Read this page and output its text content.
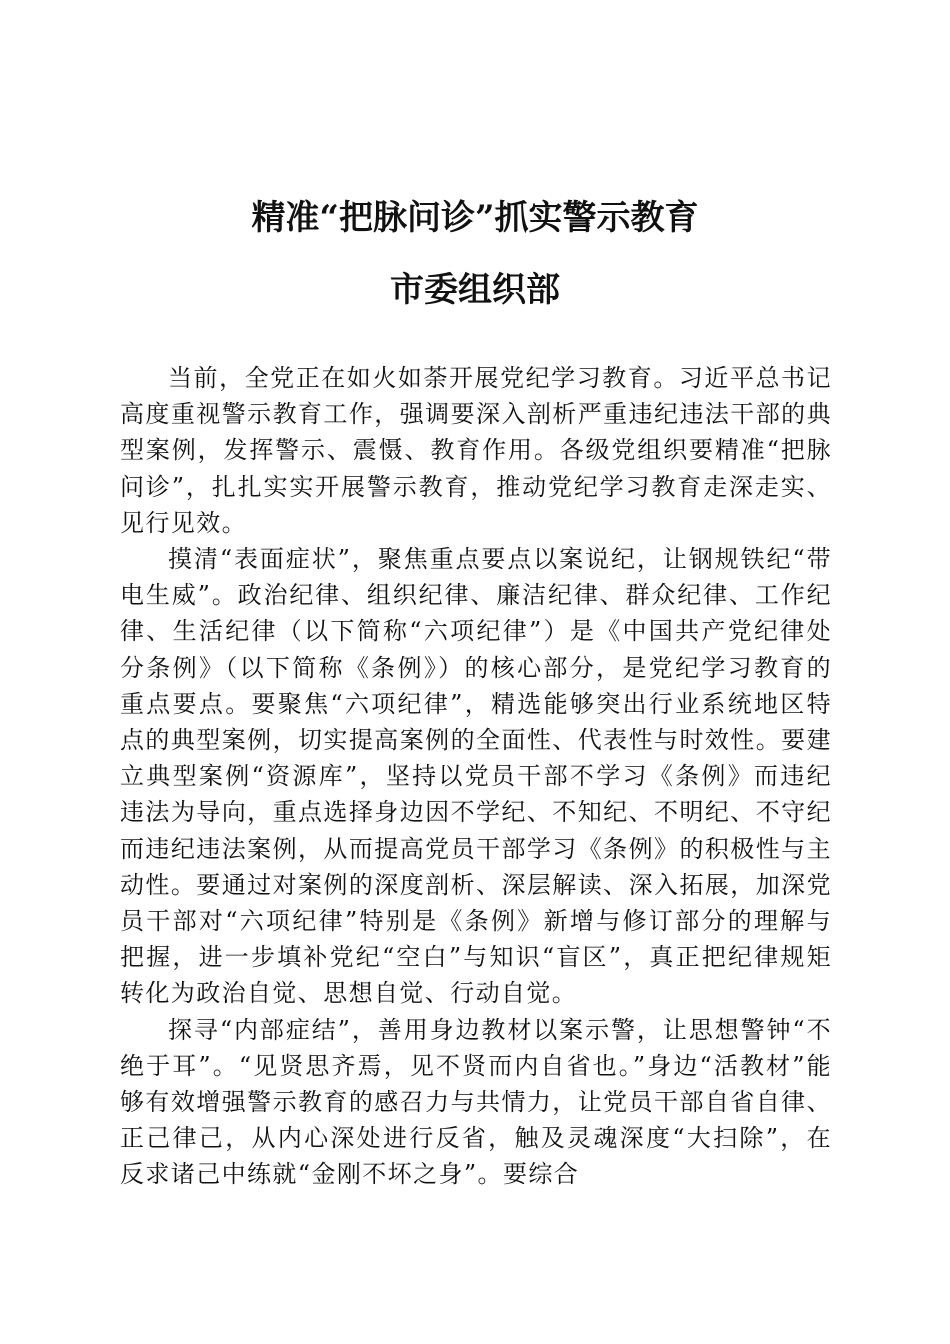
精准“把脉问诊”抓实警示教育
市委组织部

当前，全党正在如火如荼开展党纪学习教育。习近平总书记高度重视警示教育工作，强调要深入剖析严重违纪违法干部的典型案例，发挥警示、震慑、教育作用。各级党组织要精准“把脉问诊”，扎扎实实开展警示教育，推动党纪学习教育走深走实、见行见效。

摸清“表面症状”，聚焦重点要点以案说纪，让钢规铁纪“带电生威”。政治纪律、组织纪律、廉洁纪律、群众纪律、工作纪律、生活纪律（以下简称“六项纪律”）是《中国共产党纪律处分条例》（以下简称《条例》）的核心部分，是党纪学习教育的重点要点。要聚焦“六项纪律”，精选能够突出行业系统地区特点的典型案例，切实提高案例的全面性、代表性与时效性。要建立典型案例“资源库”，坚持以党员干部不学习《条例》而违纪违法为导向，重点选择身边因不学纪、不知纪、不明纪、不守纪而违纪违法案例，从而提高党员干部学习《条例》的积极性与主动性。要通过对案例的深度剖析、深层解读、深入拓展，加深党员干部对“六项纪律”特别是《条例》新增与修订部分的理解与把握，进一步填补党纪“空白”与知识“盲区”，真正把纪律规矩转化为政治自觉、思想自觉、行动自觉。

探寻“内部症结”，善用身边教材以案示警，让思想警钟“不绝于耳”。“见贤思齐焉，见不贤而内自省也。”身边“活教材”能够有效增强警示教育的感召力与共情力，让党员干部自省自律、正己律己，从内心深处进行反省，触及灵魂深度“大扫除”，在反求诸己中练就“金刚不坏之身”。要综合
